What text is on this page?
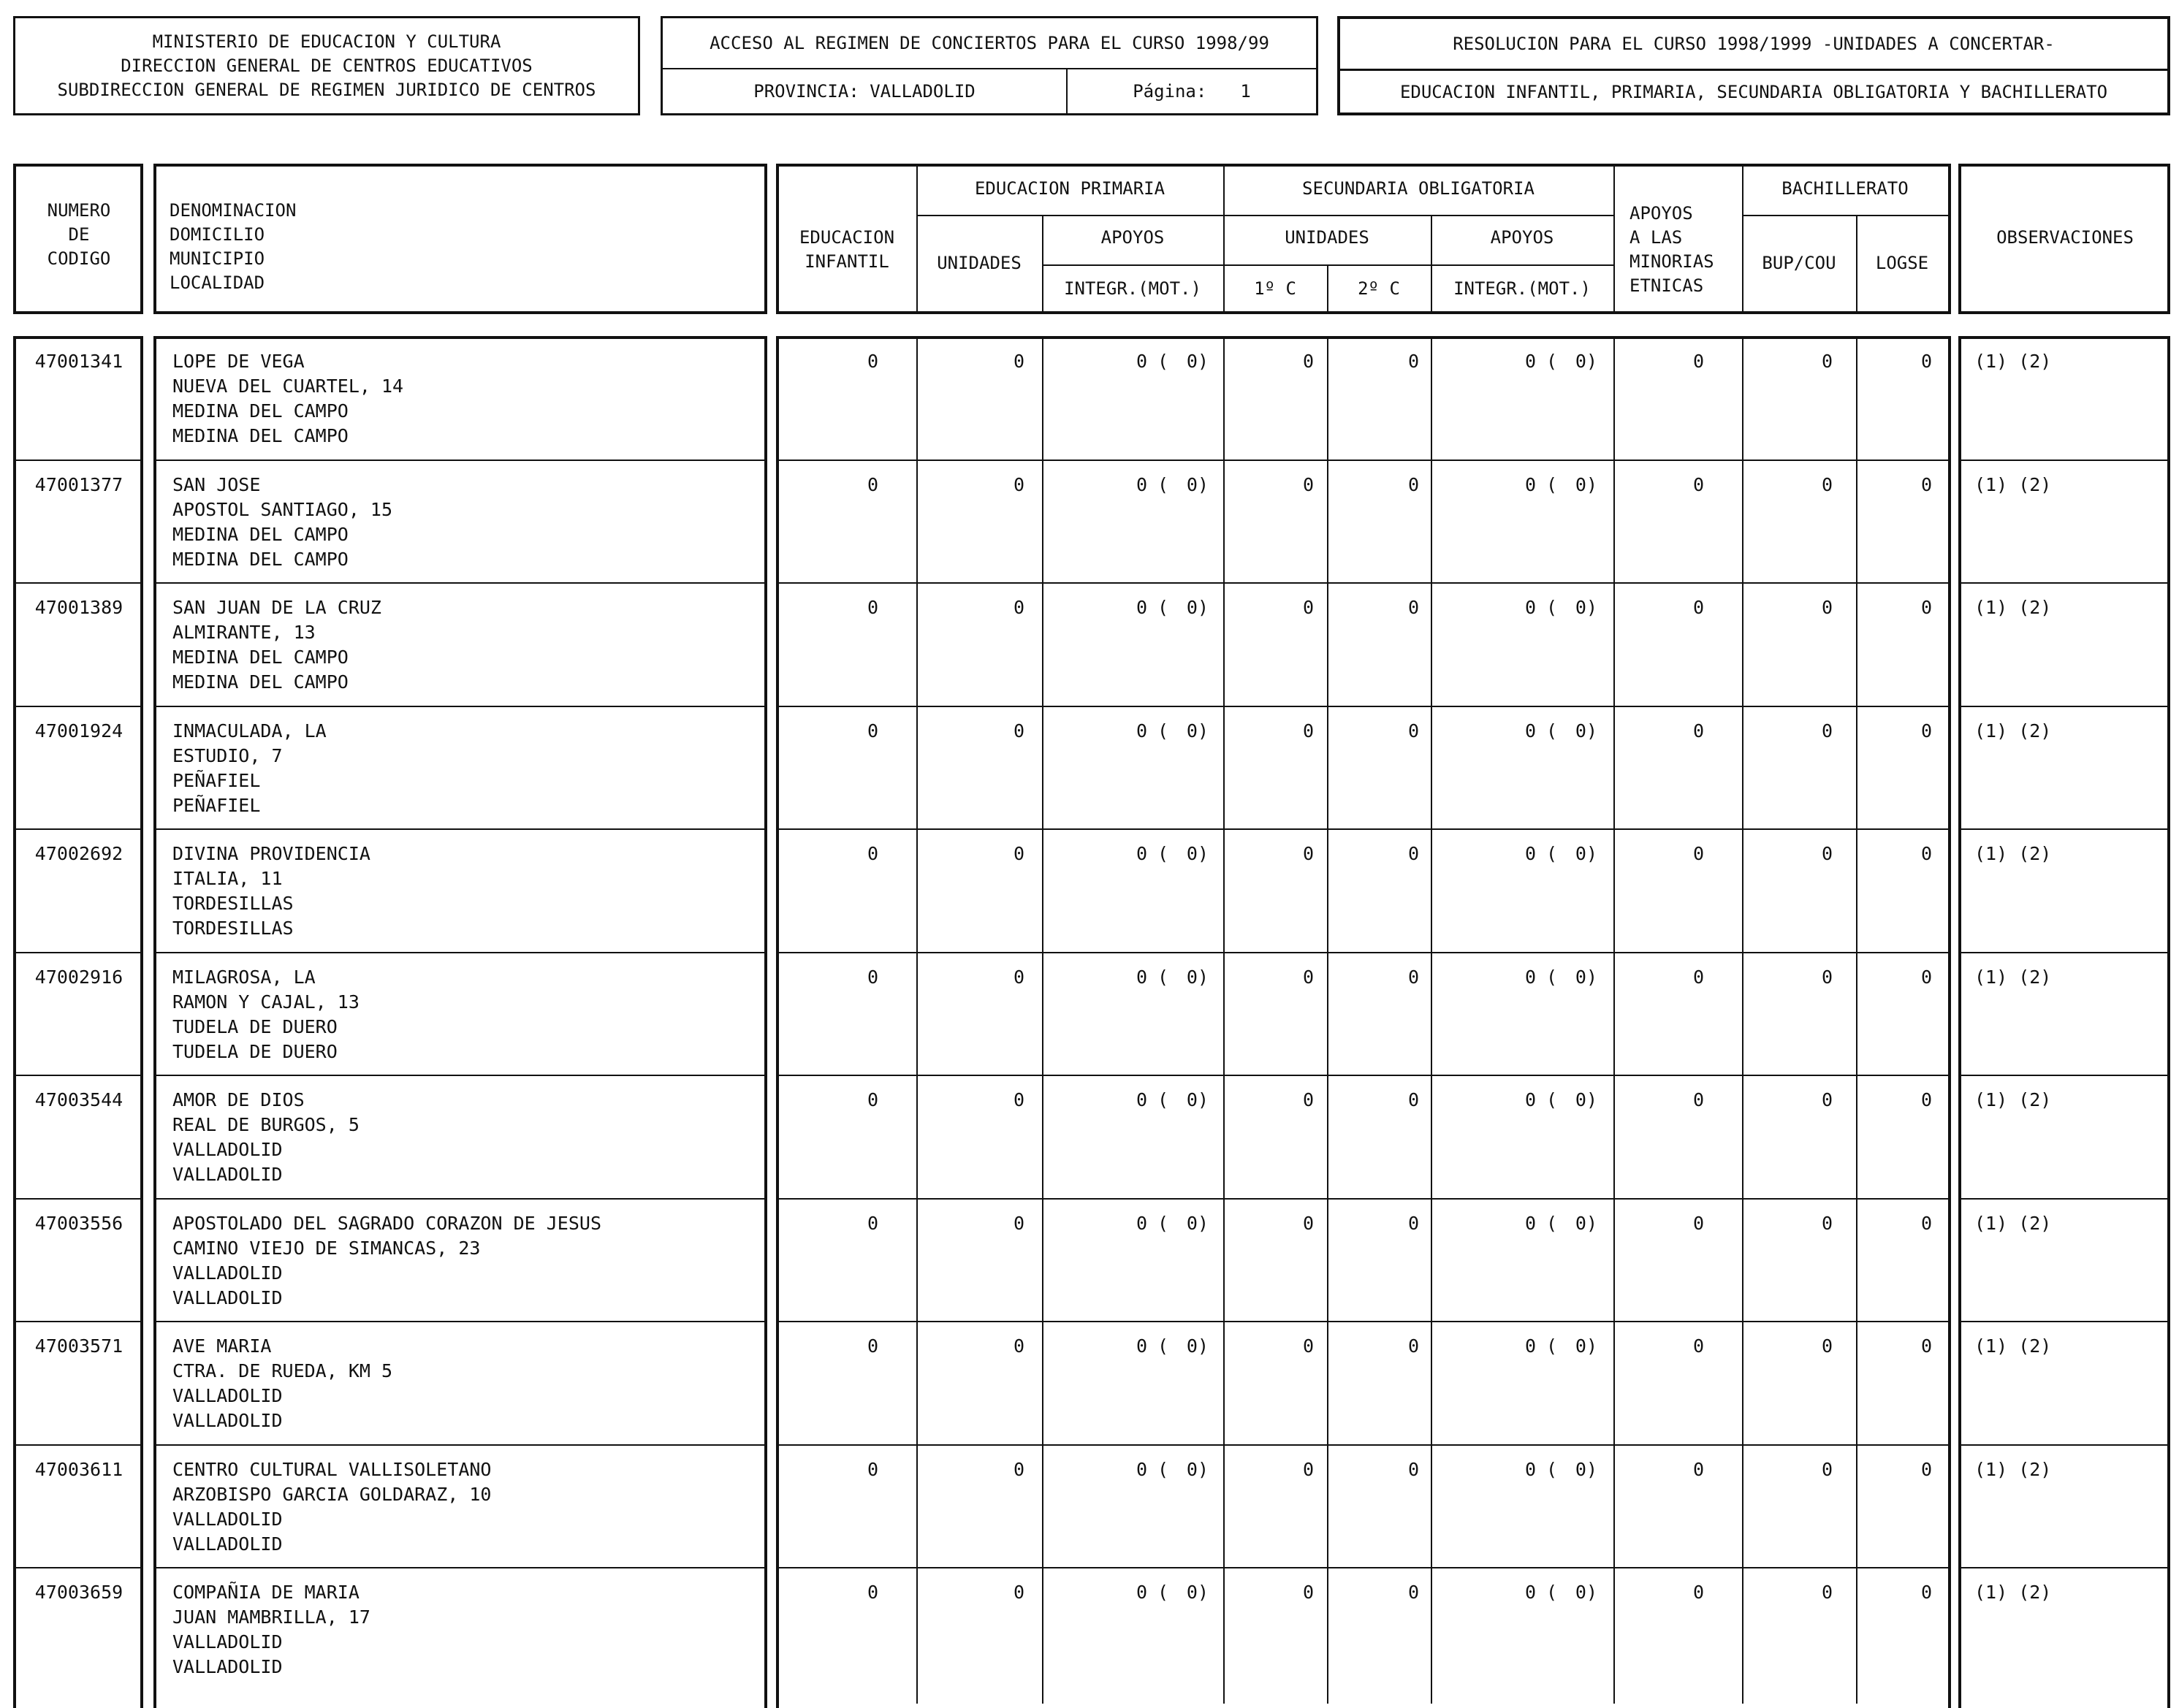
MINISTERIO DE EDUCACION Y CULTURA
DIRECCION GENERAL DE CENTROS EDUCATIVOS
SUBDIRECCION GENERAL DE REGIMEN JURIDICO DE CENTROS
ACCESO AL REGIMEN DE CONCIERTOS PARA EL CURSO 1998/99
PROVINCIA: VALLADOLID	Página: 1
RESOLUCION PARA EL CURSO 1998/1999 -UNIDADES A CONCERTAR-
EDUCACION INFANTIL, PRIMARIA, SECUNDARIA OBLIGATORIA Y BACHILLERATO
NUMERO
DE
CODIGO
DENOMINACION
DOMICILIO
MUNICIPIO
LOCALIDAD
EDUCACION
INFANTIL
EDUCACION PRIMARIA
UNIDADES
APOYOS
INTEGR.(MOT.)
SECUNDARIA OBLIGATORIA
UNIDADES
1º C	2º C
APOYOS
INTEGR.(MOT.)
APOYOS
A LAS
MINORIAS
ETNICAS
BACHILLERATO
BUP/COU	LOGSE
OBSERVACIONES
47001341	LOPE DE VEGA
NUEVA DEL CUARTEL, 14
MEDINA DEL CAMPO
MEDINA DEL CAMPO
0	0	0 ( 0)	0	0	0 ( 0)	0	0	0 (1) (2)
47001377	SAN JOSE
APOSTOL SANTIAGO, 15
MEDINA DEL CAMPO
MEDINA DEL CAMPO
0	0	0 ( 0)	0	0	0 ( 0)	0	0	0 (1) (2)
47001389	SAN JUAN DE LA CRUZ
ALMIRANTE, 13
MEDINA DEL CAMPO
MEDINA DEL CAMPO
0	0	0 ( 0)	0	0	0 ( 0)	0	0	0 (1) (2)
47001924	INMACULADA, LA
ESTUDIO, 7
PEÑAFIEL
PEÑAFIEL
0	0	0 ( 0)	0	0	0 ( 0)	0	0	0 (1) (2)
47002692	DIVINA PROVIDENCIA
ITALIA, 11
TORDESILLAS
TORDESILLAS
0	0	0 ( 0)	0	0	0 ( 0)	0	0	0 (1) (2)
47002916	MILAGROSA, LA
RAMON Y CAJAL, 13
TUDELA DE DUERO
TUDELA DE DUERO
0	0	0 ( 0)	0	0	0 ( 0)	0	0	0 (1) (2)
47003544	AMOR DE DIOS
REAL DE BURGOS, 5
VALLADOLID
VALLADOLID
0	0	0 ( 0)	0	0	0 ( 0)	0	0	0 (1) (2)
47003556	APOSTOLADO DEL SAGRADO CORAZON DE JESUS
CAMINO VIEJO DE SIMANCAS, 23
VALLADOLID
VALLADOLID
0	0	0 ( 0)	0	0	0 ( 0)	0	0	0 (1) (2)
47003571	AVE MARIA
CTRA. DE RUEDA, KM 5
VALLADOLID
VALLADOLID
0	0	0 ( 0)	0	0	0 ( 0)	0	0	0 (1) (2)
47003611	CENTRO CULTURAL VALLISOLETANO
ARZOBISPO GARCIA GOLDARAZ, 10
VALLADOLID
VALLADOLID
0	0	0 ( 0)	0	0	0 ( 0)	0	0	0 (1) (2)
47003659	COMPAÑIA DE MARIA
JUAN MAMBRILLA, 17
VALLADOLID
VALLADOLID
0	0	0 ( 0)	0	0	0 ( 0)	0	0	0 (1) (2)
